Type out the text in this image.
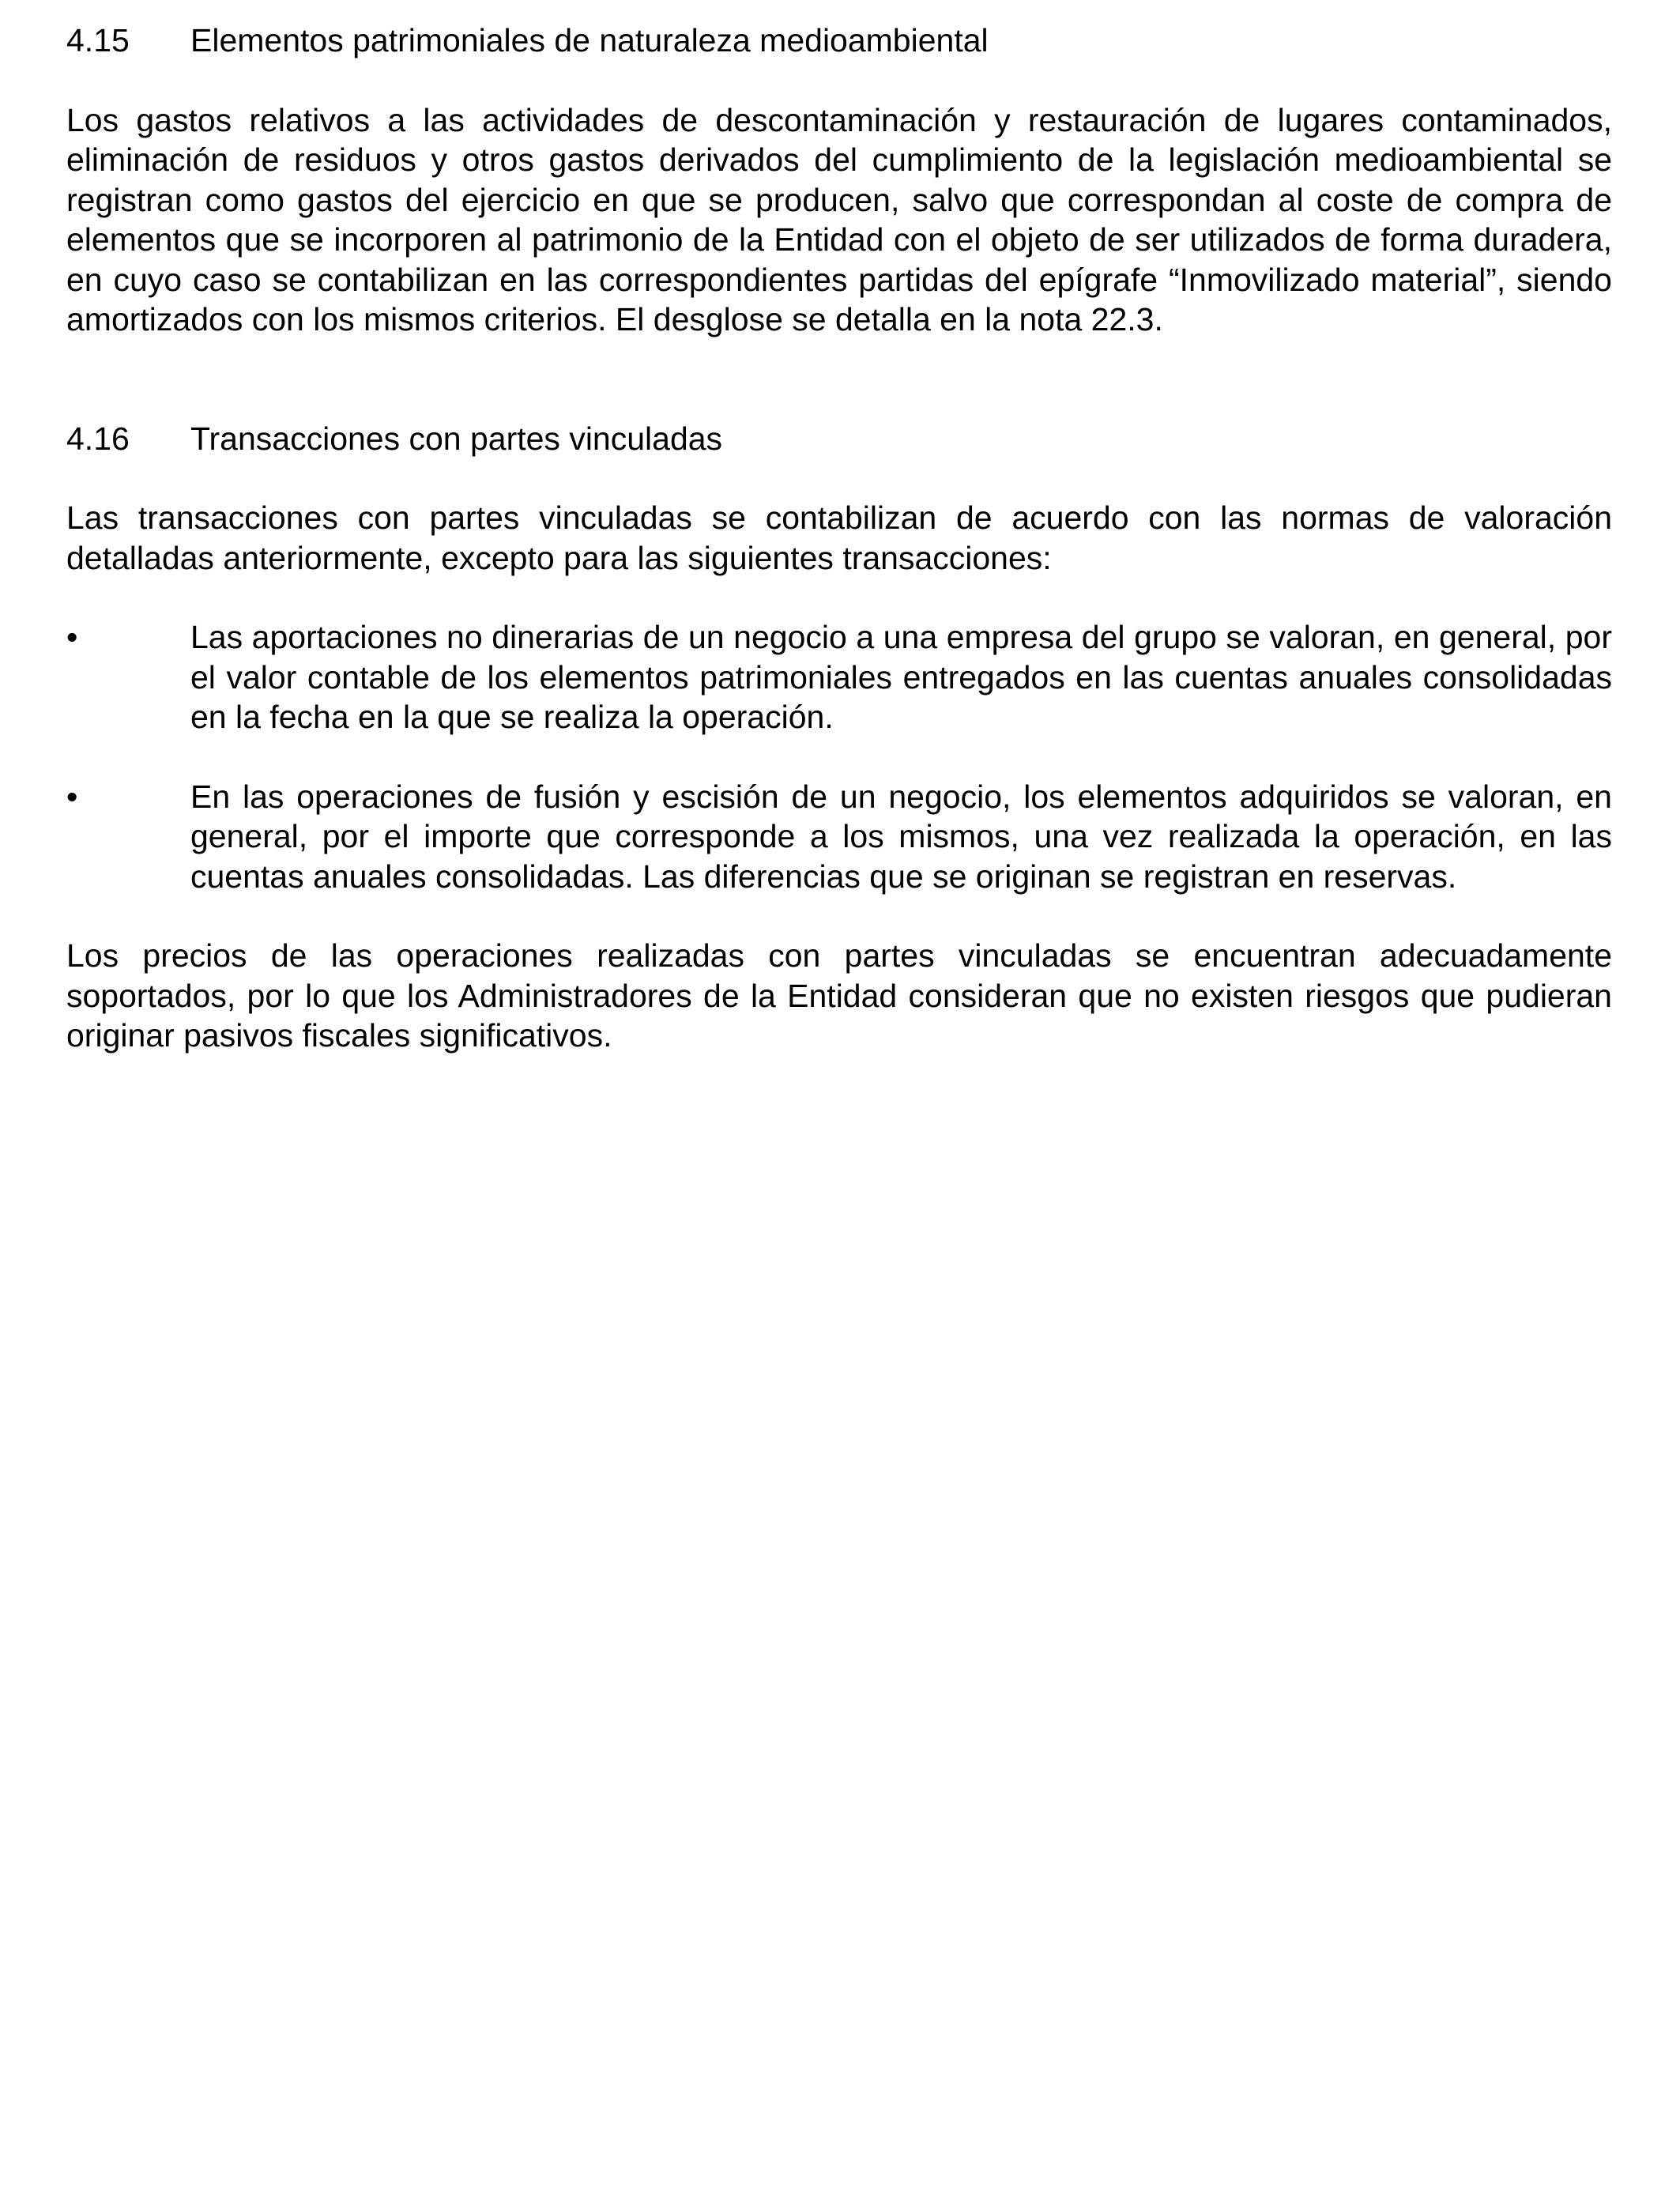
4.15	Elementos patrimoniales de naturaleza medioambiental

Los gastos relativos a las actividades de descontaminación y restauración de lugares contaminados, eliminación de residuos y otros gastos derivados del cumplimiento de la legislación medioambiental se registran como gastos del ejercicio en que se producen, salvo que correspondan al coste de compra de elementos que se incorporen al patrimonio de la Entidad con el objeto de ser utilizados de forma duradera, en cuyo caso se contabilizan en las correspondientes partidas del epígrafe “Inmovilizado material”, siendo amortizados con los mismos criterios. El desglose se detalla en la nota 22.3.

4.16	Transacciones con partes vinculadas

Las transacciones con partes vinculadas se contabilizan de acuerdo con las normas de valoración detalladas anteriormente, excepto para las siguientes transacciones:

•	Las aportaciones no dinerarias de un negocio a una empresa del grupo se valoran, en general, por el valor contable de los elementos patrimoniales entregados en las cuentas anuales consolidadas en la fecha en la que se realiza la operación.
•	En las operaciones de fusión y escisión de un negocio, los elementos adquiridos se valoran, en general, por el importe que corresponde a los mismos, una vez realizada la operación, en las cuentas anuales consolidadas. Las diferencias que se originan se registran en reservas.

Los precios de las operaciones realizadas con partes vinculadas se encuentran adecuadamente soportados, por lo que los Administradores de la Entidad consideran que no existen riesgos que pudieran originar pasivos fiscales significativos.
